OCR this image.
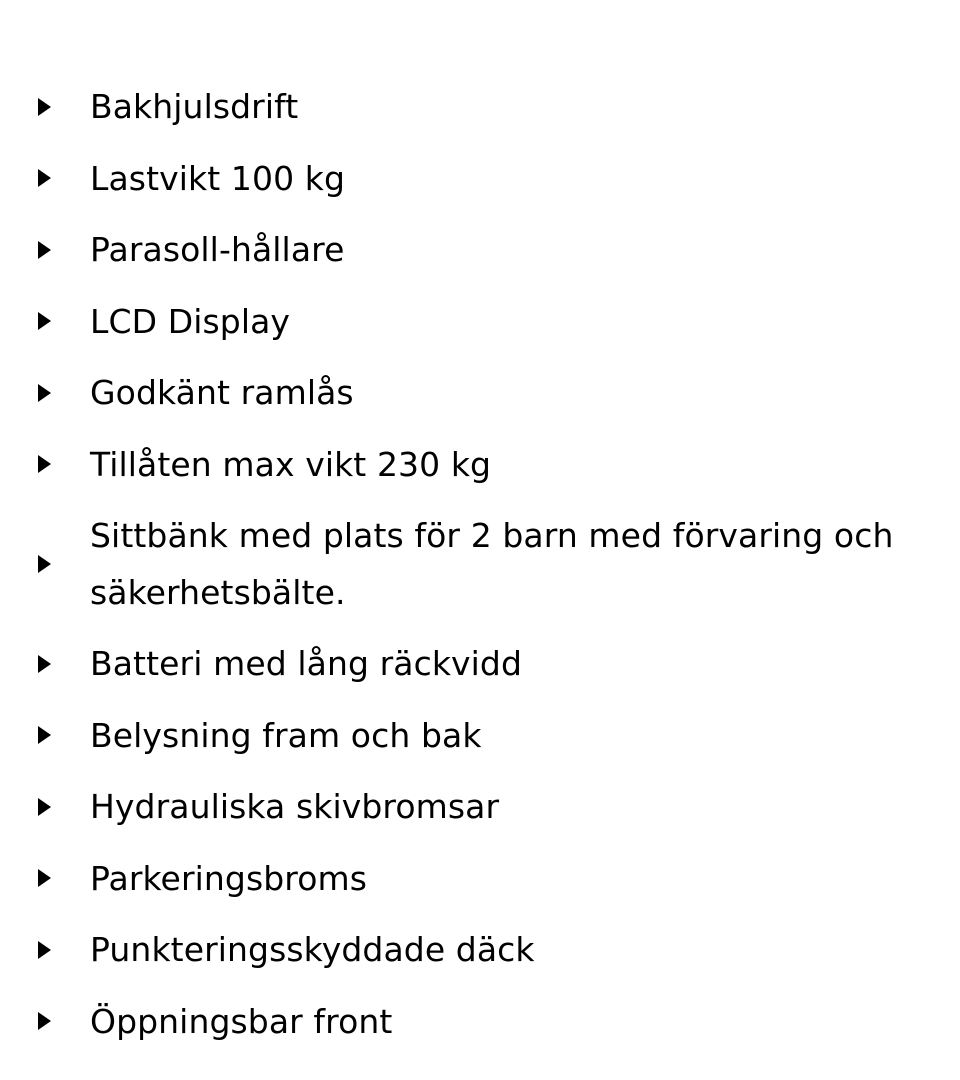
Bakhjulsdrift
Lastvikt 100 kg
Parasoll-hållare
LCD Display
Godkänt ramlås
Tillåten max vikt 230 kg
Sittbänk med plats för 2 barn med förvaring och säkerhetsbälte.
Batteri med lång räckvidd
Belysning fram och bak
Hydrauliska skivbromsar
Parkeringsbroms
Punkteringsskyddade däck
Öppningsbar front
